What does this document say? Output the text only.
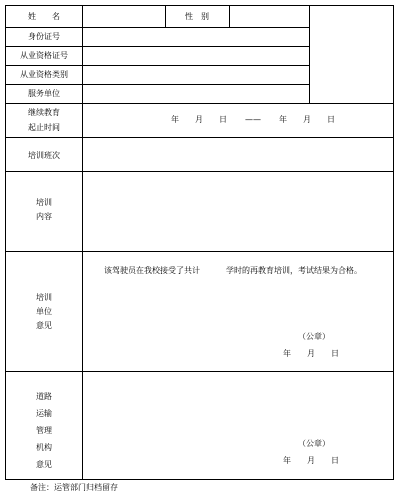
姓　　名	性　别
身份证号
从业资格证号
从业资格类别
服务单位
继续教育
起止时间
年　　月　　日 —— 年　　月　　日
培训班次
培训
内容
培训
单位
意见
该驾驶员在我校接受了共计	学时的再教育培训，考试结果为合格。
（公章）
年　　月　　日
道路
运输
管理
机构
意见
（公章）
年　　月　　日
备注：运管部门归档留存
